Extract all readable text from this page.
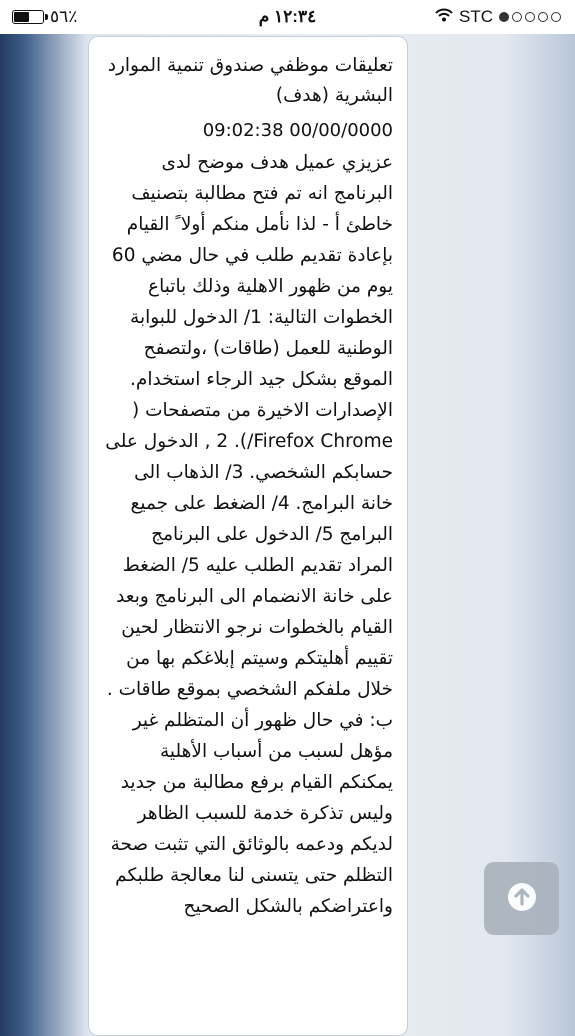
٥٦٪	١٢:٣٤ م	STC
تعليقات موظفي صندوق تنمية الموارد البشرية (هدف)
09:02:38 00/00/0000
عزيزي عميل هدف موضح لدى البرنامج انه تم فتح مطالبة بتصنيف خاطئ أ - لذا نأمل منكم أولا ً القيام بإعادة تقديم طلب في حال مضي 60 يوم من ظهور الاهلية وذلك باتباع الخطوات التالية: 1/ الدخول للبوابة الوطنية للعمل (طاقات) ،ولتصفح الموقع بشكل جيد الرجاء استخدام. الإصدارات الاخيرة من متصفحات ( Firefox Chrome/). 2 , الدخول على حسابكم الشخصي. 3/ الذهاب الى خانة البرامج. 4/ الضغط على جميع البرامج 5/ الدخول على البرنامج المراد تقديم الطلب عليه 5/ الضغط على خانة الانضمام الى البرنامج وبعد القيام بالخطوات نرجو الانتظار لحين تقييم أهليتكم وسيتم إبلاغكم بها من خلال ملفكم الشخصي بموقع طاقات . ب: في حال ظهور أن المتظلم غير مؤهل لسبب من أسباب الأهلية يمكنكم القيام برفع مطالبة من جديد وليس تذكرة خدمة للسبب الظاهر لديكم ودعمه بالوثائق التي تثبت صحة التظلم حتى يتسنى لنا معالجة طلبكم واعتراضكم بالشكل الصحيح
